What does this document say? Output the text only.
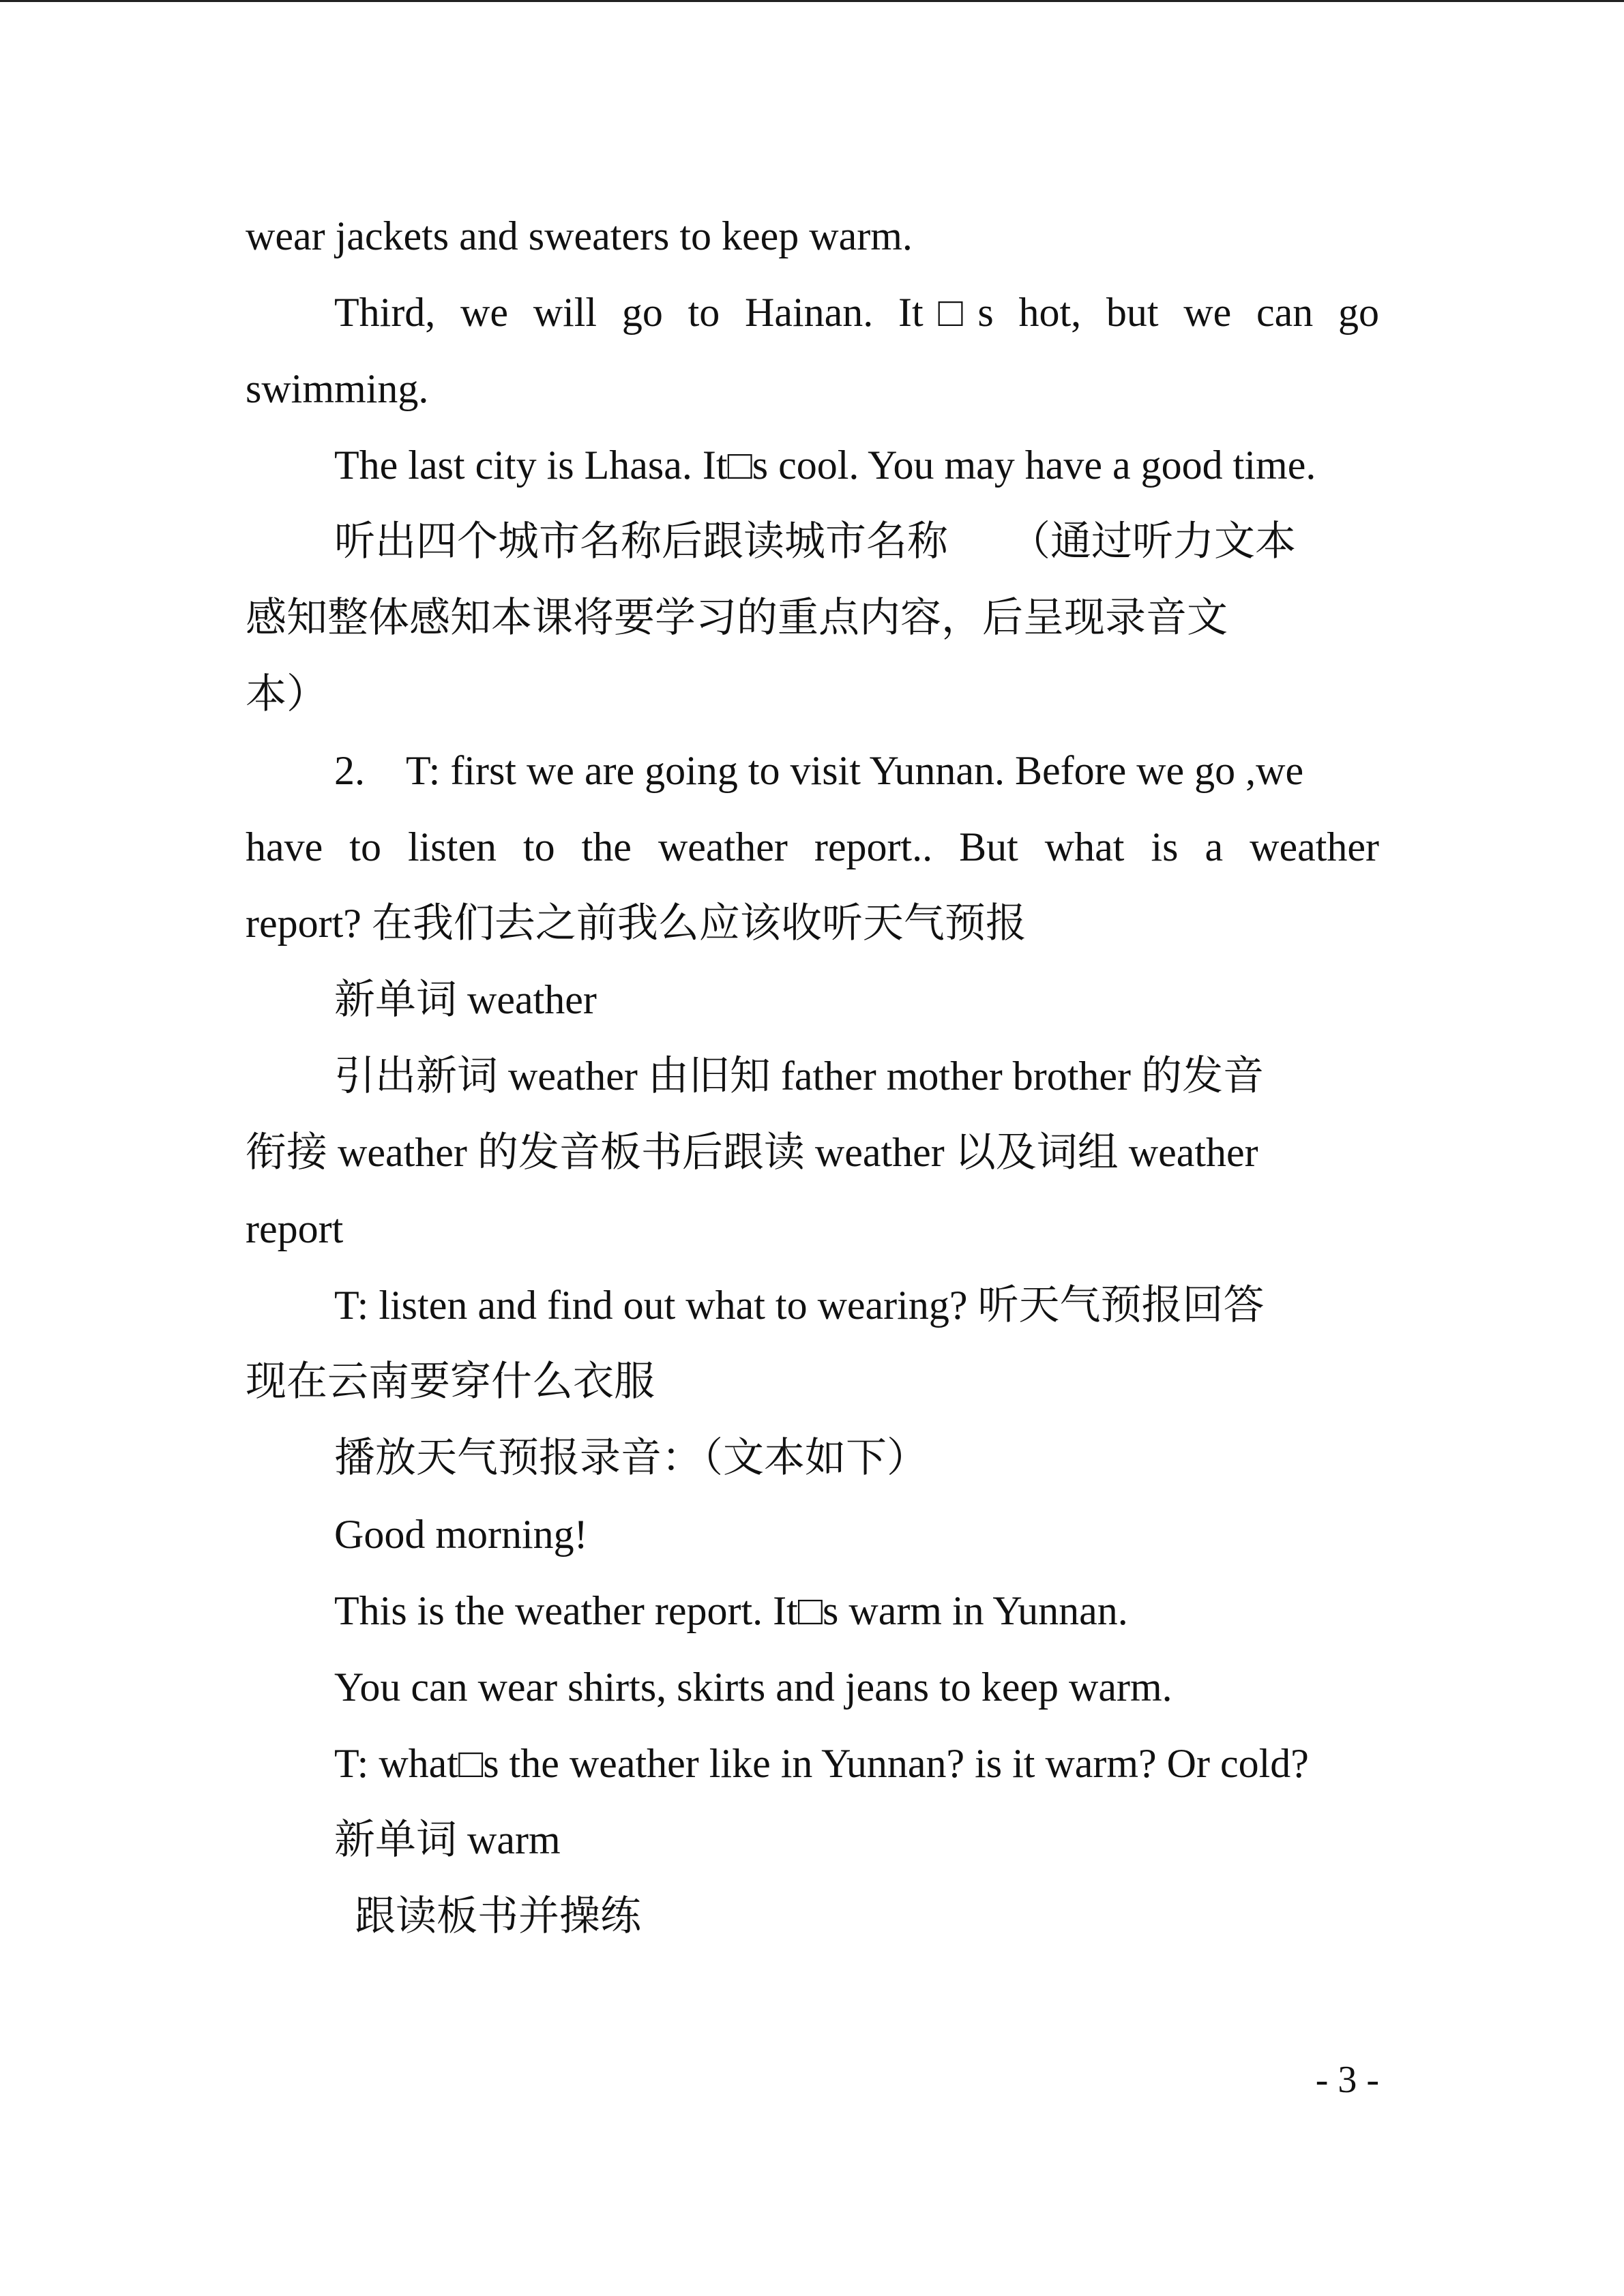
wear jackets and sweaters to keep warm.
Third, we will go to Hainan. It□s hot, but we can go
swimming.
The last city is Lhasa. It□s cool. You may have a good time.
听出四个城市名称后跟读城市名称　　（通过听力文本
感知整体感知本课将要学习的重点内容，后呈现录音文
本）
2.　T: first we are going to visit Yunnan. Before we go ,we
have to listen to the weather report.. But what is a weather
report? 在我们去之前我么应该收听天气预报
新单词 weather
引出新词 weather 由旧知 father mother brother 的发音
衔接 weather 的发音板书后跟读 weather 以及词组 weather
report
T: listen and find out what to wearing? 听天气预报回答
现在云南要穿什么衣服
播放天气预报录音：（文本如下）
Good morning!
This is the weather report. It□s warm in Yunnan.
You can wear shirts, skirts and jeans to keep warm.
T: what□s the weather like in Yunnan? is it warm? Or cold?
新单词 warm
跟读板书并操练
- 3 -
